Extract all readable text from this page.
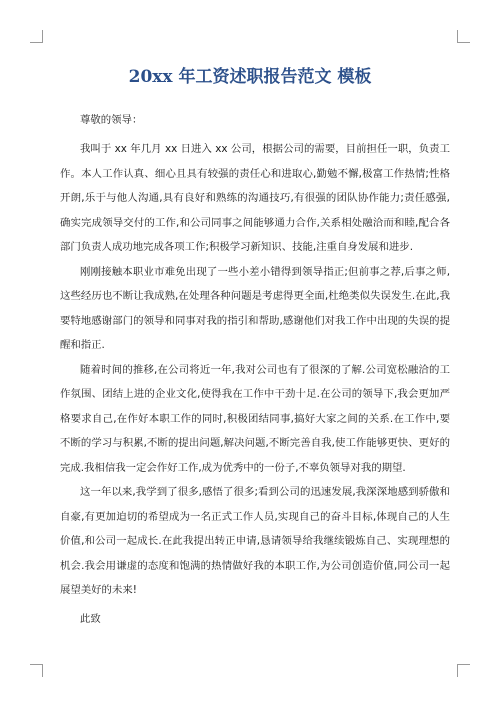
20xx 年工资述职报告范文 模板

尊敬的领导：

我叫于 xx 年几月 xx 日进入 xx 公司，根据公司的需要，目前担任一职，负责工作。本人工作认真、细心且具有较强的责任心和进取心,勤勉不懈,极富工作热情;性格开朗,乐于与他人沟通,具有良好和熟练的沟通技巧,有很强的团队协作能力;责任感强,确实完成领导交付的工作,和公司同事之间能够通力合作,关系相处融洽而和睦,配合各部门负责人成功地完成各项工作;积极学习新知识、技能,注重自身发展和进步.

刚刚接触本职业市难免出现了一些小差小错得到领导指正;但前事之荐,后事之师,这些经历也不断让我成熟,在处理各种问题是考虑得更全面,杜绝类似失误发生.在此,我要特地感谢部门的领导和同事对我的指引和帮助,感谢他们对我工作中出现的失误的提醒和指正.

随着时间的推移,在公司将近一年,我对公司也有了很深的了解.公司宽松融洽的工作氛围、团结上进的企业文化,使得我在工作中干劲十足.在公司的领导下,我会更加严格要求自己,在作好本职工作的同时,积极团结同事,搞好大家之间的关系.在工作中,要不断的学习与积累,不断的提出问题,解决问题,不断完善自我,使工作能够更快、更好的完成.我相信我一定会作好工作,成为优秀中的一份子,不辜负领导对我的期望.

这一年以来,我学到了很多,感悟了很多;看到公司的迅速发展,我深深地感到骄傲和自豪,有更加迫切的希望成为一名正式工作人员,实现自己的奋斗目标,体现自己的人生价值,和公司一起成长.在此我提出转正申请,恳请领导给我继续锻炼自己、实现理想的机会.我会用谦虚的态度和饱满的热情做好我的本职工作,为公司创造价值,同公司一起展望美好的未来!

此致
